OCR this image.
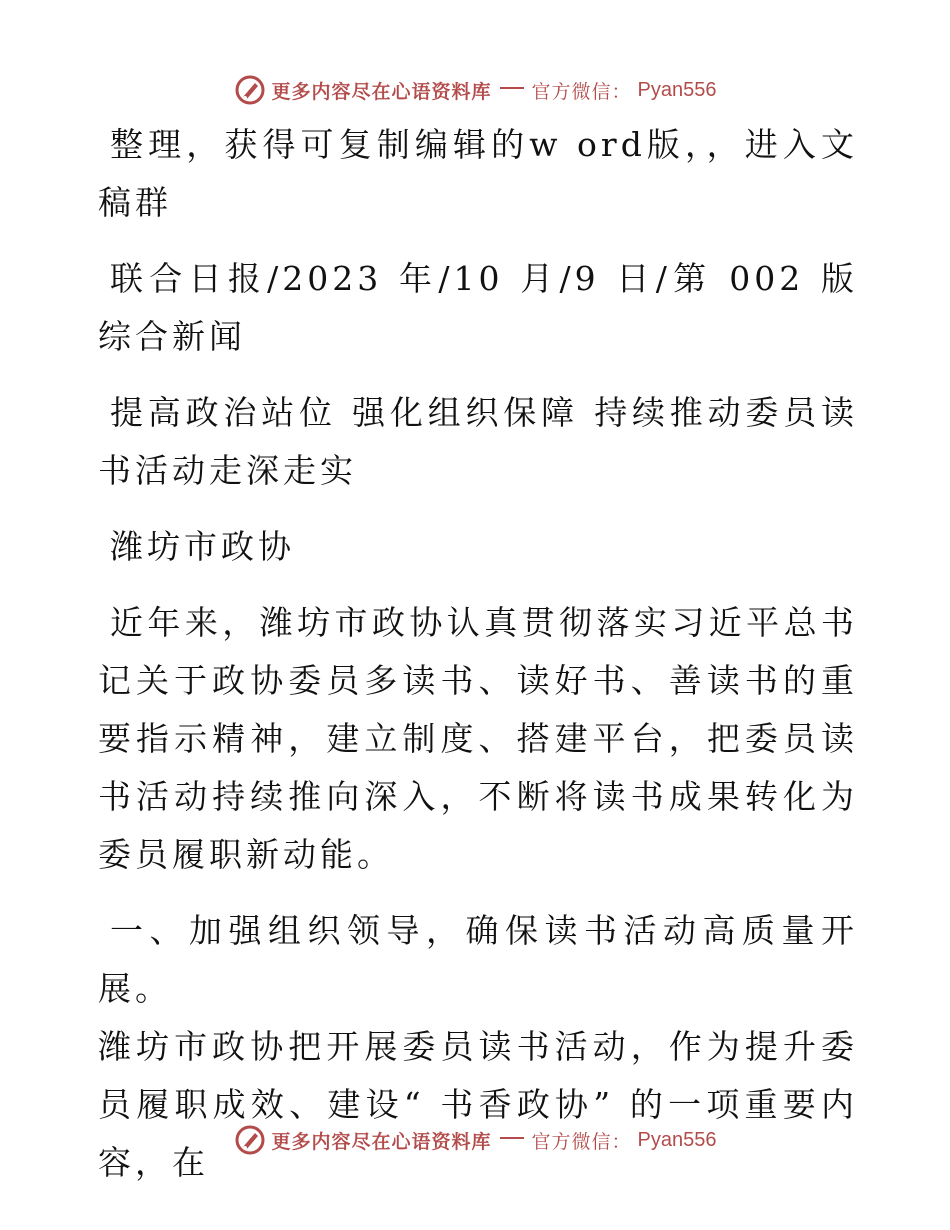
更多内容尽在心语资料库 官方微信： Pyan556

整理，获得可复制编辑的w ord版，，进入文稿群

联合日报/2023 年/10 月/9 日/第 002 版综合新闻

提高政治站位 强化组织保障 持续推动委员读书活动走深走实

潍坊市政协

近年来，潍坊市政协认真贯彻落实习近平总书记关于政协委员多读书、读好书、善读书的重要指示精神，建立制度、搭建平台，把委员读书活动持续推向深入，不断将读书成果转化为委员履职新动能。

一、加强组织领导，确保读书活动高质量开展。

潍坊市政协把开展委员读书活动，作为提升委员履职成效、建设“ 书香政协” 的一项重要内容，在

更多内容尽在心语资料库 官方微信： Pyan556
